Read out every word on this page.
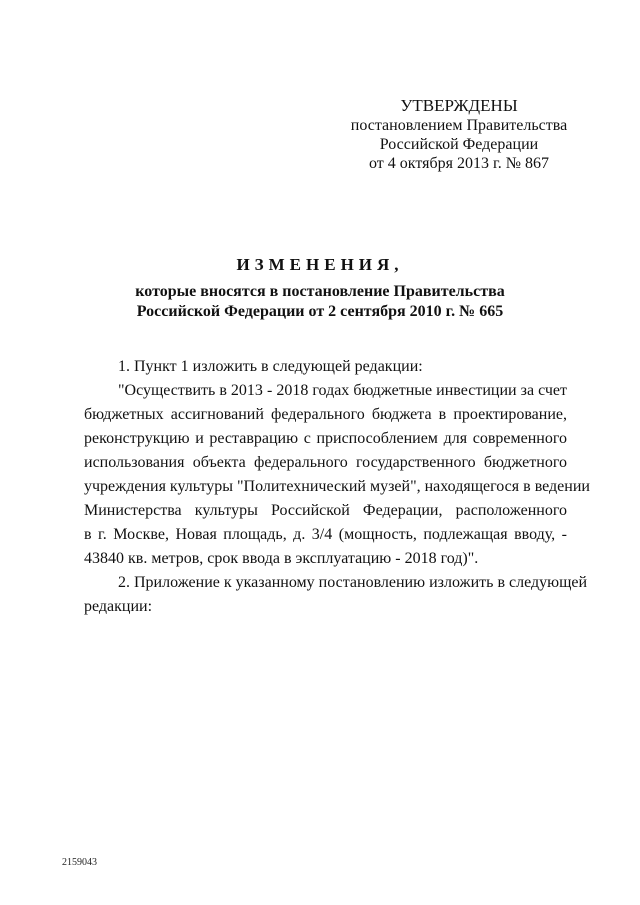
УТВЕРЖДЕНЫ
постановлением Правительства
Российской Федерации
от 4 октября 2013 г. № 867
ИЗМЕНЕНИЯ,
которые вносятся в постановление Правительства
Российской Федерации от 2 сентября 2010 г. № 665
1. Пункт 1 изложить в следующей редакции:
"Осуществить в 2013 - 2018 годах бюджетные инвестиции за счет
бюджетных ассигнований федерального бюджета в проектирование,
реконструкцию и реставрацию с приспособлением для современного
использования объекта федерального государственного бюджетного
учреждения культуры "Политехнический музей", находящегося в ведении
Министерства культуры Российской Федерации, расположенного
в г. Москве, Новая площадь, д. 3/4 (мощность, подлежащая вводу, -
43840 кв. метров, срок ввода в эксплуатацию - 2018 год)".
2. Приложение к указанному постановлению изложить в следующей
редакции:
2159043
